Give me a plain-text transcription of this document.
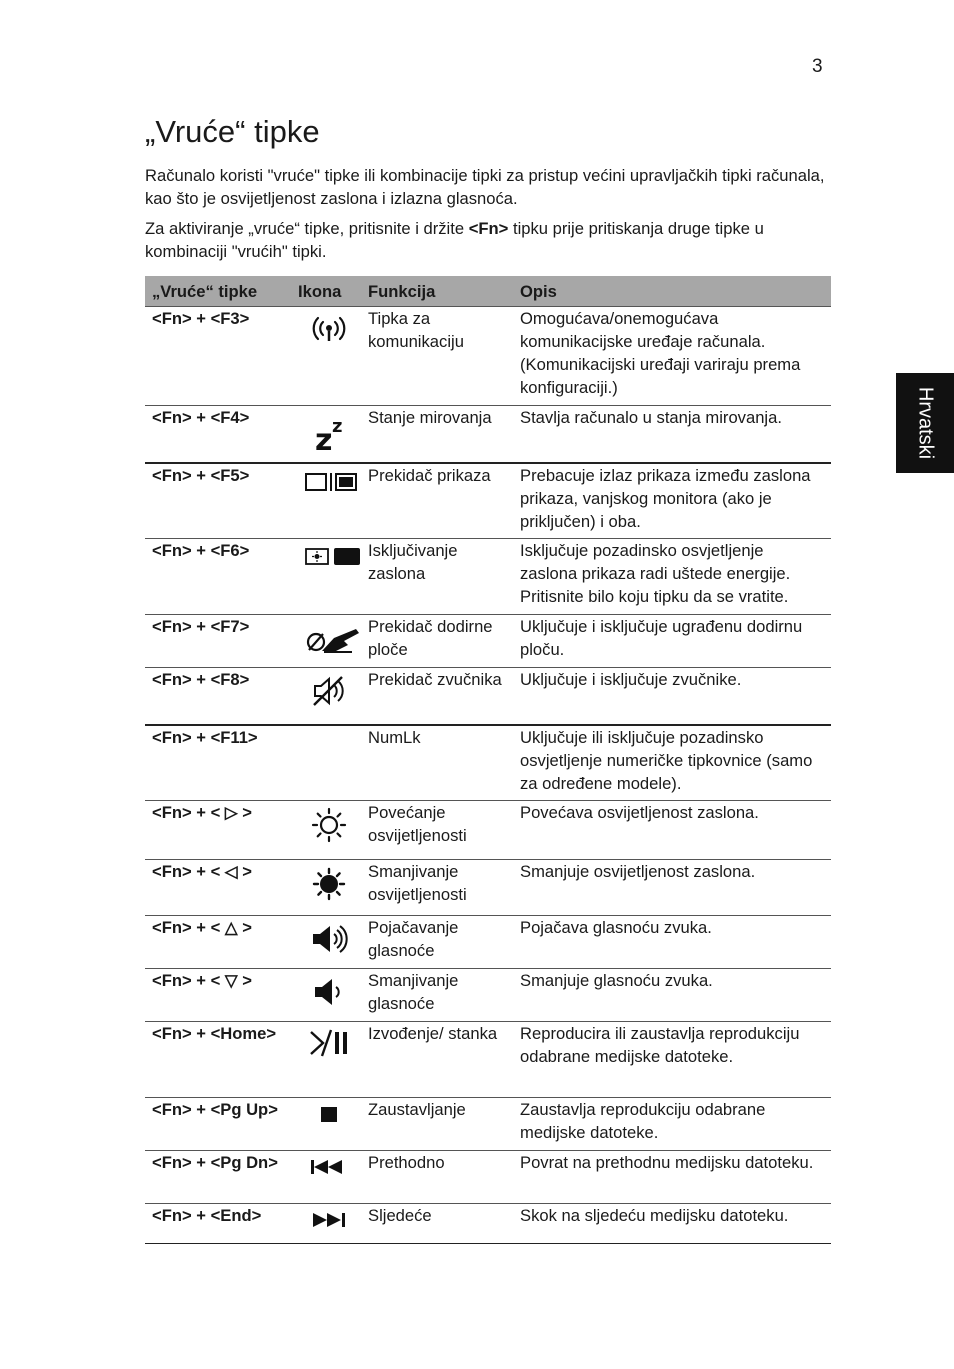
3
„Vruće“ tipke

Računalo koristi "vruće" tipke ili kombinacije tipki za pristup većini upravljačkih tipki računala, kao što je osvijetljenost zaslona i izlazna glasnoća.

Za aktiviranje „vruće“ tipke, pritisnite i držite <Fn> tipku prije pritiskanja druge tipke u kombinaciji "vrućih" tipki.

Hrvatski
„Vruće“ tipke	Ikona	Funkcija	Opis
<Fn> + <F3>		Tipka za komunikaciju	Omogućava/onemogućava komunikacijske uređaje računala. (Komunikacijski uređaji variraju prema konfiguraciji.)
<Fn> + <F4>	z z	Stanje mirovanja	Stavlja računalo u stanja mirovanja.
<Fn> + <F5>		Prekidač prikaza	Prebacuje izlaz prikaza između zaslona prikaza, vanjskog monitora (ako je priključen) i oba.
<Fn> + <F6>		Isključivanje zaslona	Isključuje pozadinsko osvjetljenje zaslona prikaza radi uštede energije. Pritisnite bilo koju tipku da se vratite.
<Fn> + <F7>		Prekidač dodirne ploče	Uključuje i isključuje ugrađenu dodirnu ploču.
<Fn> + <F8>		Prekidač zvučnika	Uključuje i isključuje zvučnike.
<Fn> + <F11>		NumLk	Uključuje ili isključuje pozadinsko osvjetljenje numeričke tipkovnice (samo za određene modele).
<Fn> + < ▷ >		Povećanje osvijetljenosti	Povećava osvijetljenost zaslona.
<Fn> + < ◁ >		Smanjivanje osvijetljenosti	Smanjuje osvijetljenost zaslona.
<Fn> + < △ >		Pojačavanje glasnoće	Pojačava glasnoću zvuka.
<Fn> + < ▽ >		Smanjivanje glasnoće	Smanjuje glasnoću zvuka.
<Fn> + <Home>		Izvođenje/ stanka	Reproducira ili zaustavlja reprodukciju odabrane medijske datoteke.
<Fn> + <Pg Up>		Zaustavljanje	Zaustavlja reprodukciju odabrane medijske datoteke.
<Fn> + <Pg Dn>		Prethodno	Povrat na prethodnu medijsku datoteku.
<Fn> + <End>		Sljedeće	Skok na sljedeću medijsku datoteku.
